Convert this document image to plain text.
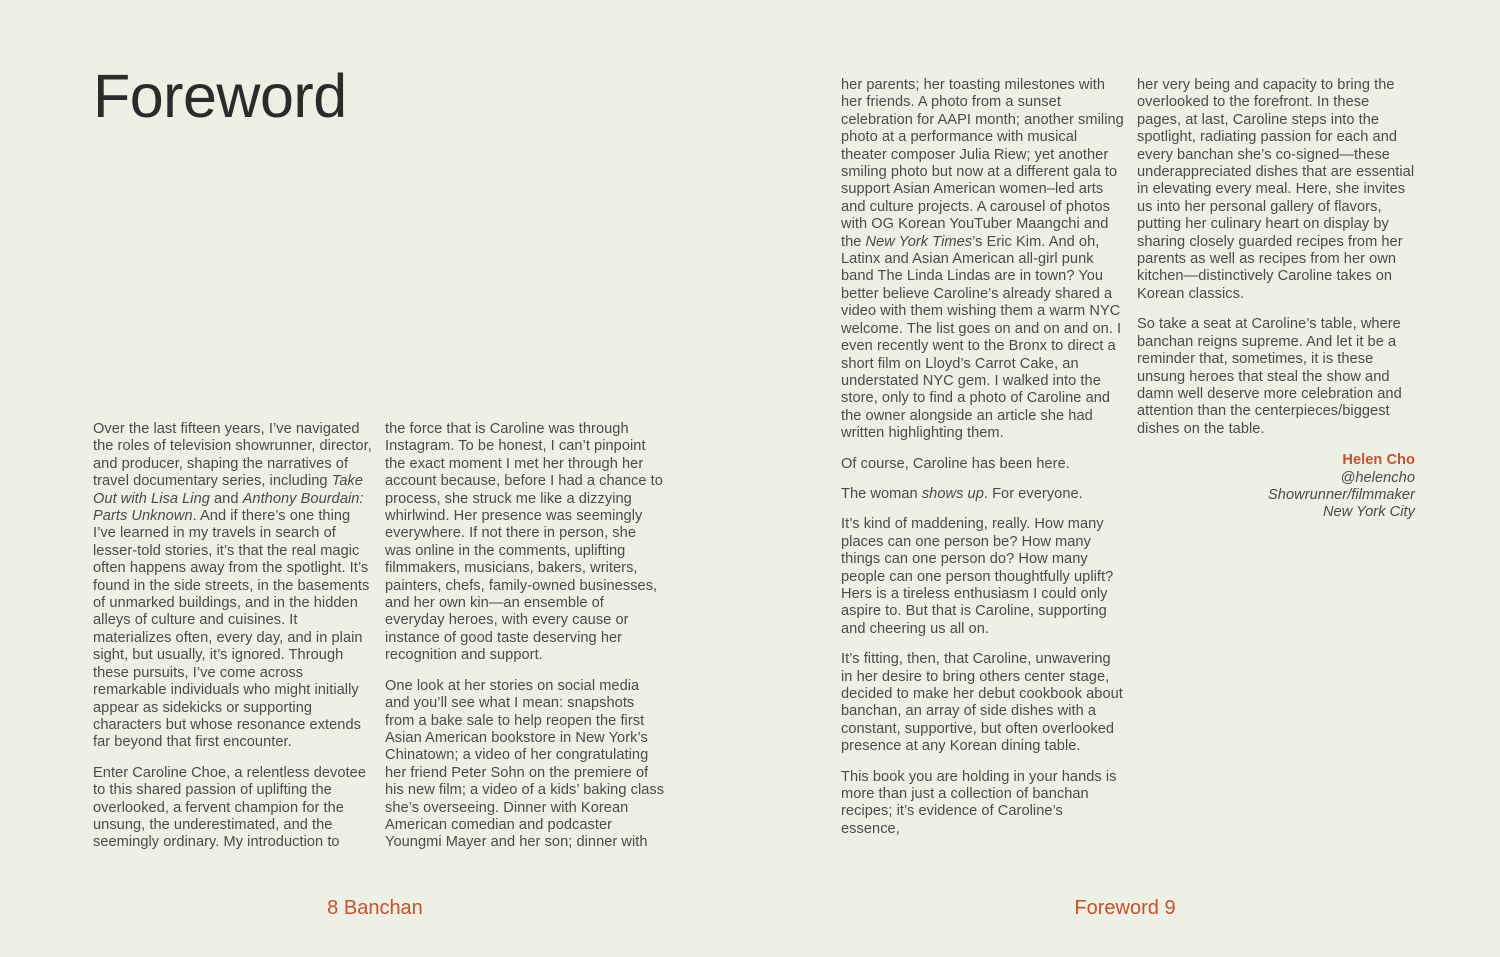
Foreword

Over the last fifteen years, I’ve navigated the roles of television showrunner, director, and producer, shaping the narratives of travel documentary series, including Take Out with Lisa Ling and Anthony Bourdain: Parts Unknown. And if there’s one thing I’ve learned in my travels in search of lesser-told stories, it’s that the real magic often happens away from the spotlight. It’s found in the side streets, in the basements of unmarked buildings, and in the hidden alleys of culture and cuisines. It materializes often, every day, and in plain sight, but usually, it’s ignored. Through these pursuits, I’ve come across remarkable individuals who might initially appear as sidekicks or supporting characters but whose resonance extends far beyond that first encounter.

Enter Caroline Choe, a relentless devotee to this shared passion of uplifting the overlooked, a fervent champion for the unsung, the underestimated, and the seemingly ordinary. My introduction to

the force that is Caroline was through Instagram. To be honest, I can’t pinpoint the exact moment I met her through her account because, before I had a chance to process, she struck me like a dizzying whirlwind. Her presence was seemingly everywhere. If not there in person, she was online in the comments, uplifting filmmakers, musicians, bakers, writers, painters, chefs, family-owned businesses, and her own kin—an ensemble of everyday heroes, with every cause or instance of good taste deserving her recognition and support.

One look at her stories on social media and you’ll see what I mean: snapshots from a bake sale to help reopen the first Asian American bookstore in New York’s Chinatown; a video of her congratulating her friend Peter Sohn on the premiere of his new film; a video of a kids’ baking class she’s overseeing. Dinner with Korean American comedian and podcaster Youngmi Mayer and her son; dinner with

8 Banchan

her parents; her toasting milestones with her friends. A photo from a sunset celebration for AAPI month; another smiling photo at a performance with musical theater composer Julia Riew; yet another smiling photo but now at a different gala to support Asian American women–led arts and culture projects. A carousel of photos with OG Korean YouTuber Maangchi and the New York Times’s Eric Kim. And oh, Latinx and Asian American all-girl punk band The Linda Lindas are in town? You better believe Caroline’s already shared a video with them wishing them a warm NYC welcome. The list goes on and on and on. I even recently went to the Bronx to direct a short film on Lloyd’s Carrot Cake, an understated NYC gem. I walked into the store, only to find a photo of Caroline and the owner alongside an article she had written highlighting them.

Of course, Caroline has been here.

The woman shows up. For everyone.

It’s kind of maddening, really. How many places can one person be? How many things can one person do? How many people can one person thoughtfully uplift? Hers is a tireless enthusiasm I could only aspire to. But that is Caroline, supporting and cheering us all on.

It’s fitting, then, that Caroline, unwavering in her desire to bring others center stage, decided to make her debut cookbook about banchan, an array of side dishes with a constant, supportive, but often overlooked presence at any Korean dining table.

This book you are holding in your hands is more than just a collection of banchan recipes; it’s evidence of Caroline’s essence,

her very being and capacity to bring the overlooked to the forefront. In these pages, at last, Caroline steps into the spotlight, radiating passion for each and every banchan she’s co-signed—these underappreciated dishes that are essential in elevating every meal. Here, she invites us into her personal gallery of flavors, putting her culinary heart on display by sharing closely guarded recipes from her parents as well as recipes from her own kitchen—distinctively Caroline takes on Korean classics.

So take a seat at Caroline’s table, where banchan reigns supreme. And let it be a reminder that, sometimes, it is these unsung heroes that steal the show and damn well deserve more celebration and attention than the centerpieces/biggest dishes on the table.

Helen Cho
@helencho
Showrunner/filmmaker
New York City
Foreword 9
